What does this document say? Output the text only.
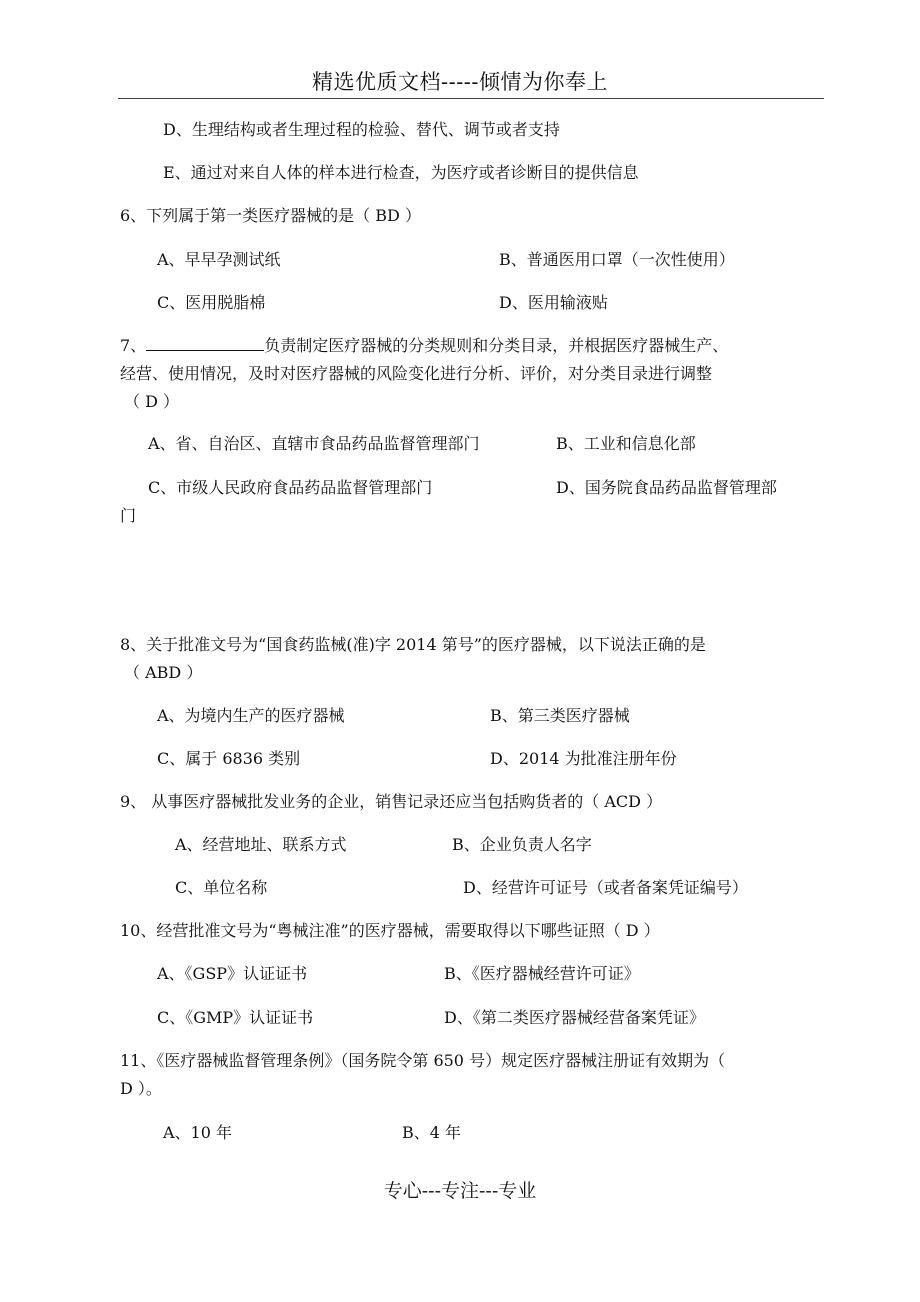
精选优质文档-----倾情为你奉上
D、生理结构或者生理过程的检验、替代、调节或者支持
E、通过对来自人体的样本进行检查，为医疗或者诊断目的提供信息
6、下列属于第一类医疗器械的是（ BD ）
A、早早孕测试纸	B、普通医用口罩（一次性使用）
C、医用脱脂棉	D、医用输液贴
7、	负责制定医疗器械的分类规则和分类目录，并根据医疗器械生产、
经营、使用情况，及时对医疗器械的风险变化进行分析、评价，对分类目录进行调整
（ D ）
A、省、自治区、直辖市食品药品监督管理部门	B、工业和信息化部
C、市级人民政府食品药品监督管理部门	D、国务院食品药品监督管理部
门
8、关于批准文号为“国食药监械(准)字 2014 第号”的医疗器械，以下说法正确的是
（ ABD ）
A、为境内生产的医疗器械	B、第三类医疗器械
C、属于 6836 类别	D、2014 为批准注册年份
9、 从事医疗器械批发业务的企业，销售记录还应当包括购货者的（ ACD ）
A、经营地址、联系方式	B、企业负责人名字
C、单位名称	D、经营许可证号（或者备案凭证编号）
10、经营批准文号为“粤械注准”的医疗器械，需要取得以下哪些证照（ D ）
A、《GSP》认证证书	B、《医疗器械经营许可证》
C、《GMP》认证证书	D、《第二类医疗器械经营备案凭证》
11、《医疗器械监督管理条例》（国务院令第 650 号）规定医疗器械注册证有效期为（
D ）。
A、10 年	B、4 年
专心---专注---专业
